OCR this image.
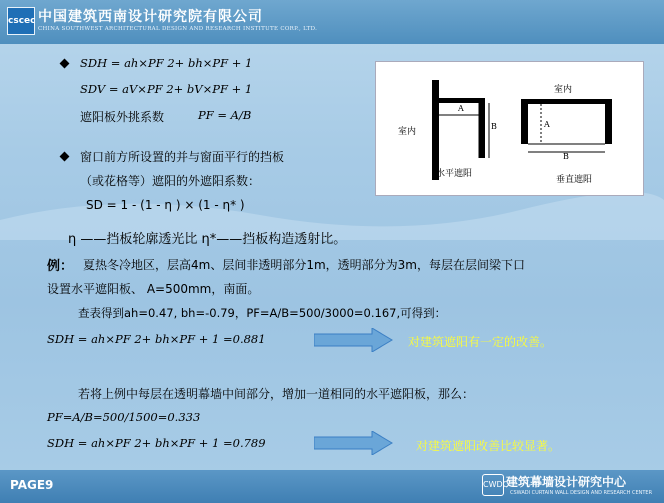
cscec 中国建筑西南设计研究院有限公司
CHINA SOUTHWEST ARCHITECTURAL DESIGN AND RESEARCH INSTITUTE CORP., LTD.
SDH = ah×PF 2+ bh×PF + 1
SDV = aV×PF 2+ bV×PF + 1
遮阳板外挑系数	PF = A/B
窗口前方所设置的并与窗面平行的挡板
（或花格等）遮阳的外遮阳系数：
SD = 1 - (1 - η ) × (1 - η* )
η ——挡板轮廓透光比 η*——挡板构造透射比。
室内
水平遮阳
A
B
室内
垂直遮阳
A
B
例： 夏热冬冷地区，层高4m、层间非透明部分1m，透明部分为3m，每层在层间梁下口
设置水平遮阳板、 A=500mm，南面。
查表得到ah=0.47, bh=-0.79，PF=A/B=500/3000=0.167,可得到：
SDH = ah×PF 2+ bh×PF + 1 =0.881	对建筑遮阳有一定的改善。
若将上例中每层在透明幕墙中间部分，增加一道相同的水平遮阳板，那么：
PF=A/B=500/1500=0.333
SDH = ah×PF 2+ bh×PF + 1 =0.789	对建筑遮阳改善比较显著。
PAGE9	CWDC
建筑幕墙设计研究中心
CSWADI CURTAIN WALL DESIGN AND RESEARCH CENTER
